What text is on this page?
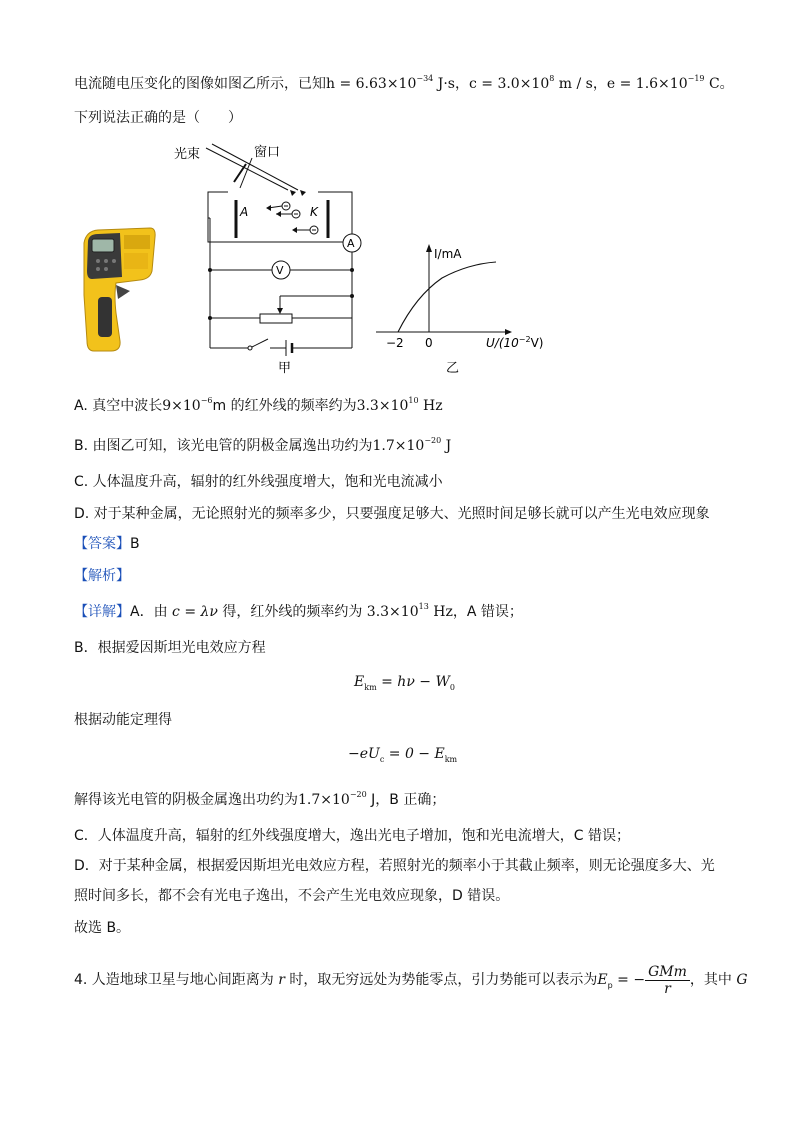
电流随电压变化的图像如图乙所示，已知$h = 6.63\times 10^{-34}$ J·s，$c = 3.0\times 10^8$ m / s，$e = 1.6\times 10^{-19}$ C。
下列说法正确的是（　　）
光束	窗口
A	K
A
V
甲
I/mA
$U/(10^{-2}V)$
−2 0
乙
A. 真空中波长$9\times 10^{-6}m$ 的红外线的频率约为$3.3\times 10^{10}$ Hz
B. 由图乙可知，该光电管的阴极金属逸出功约为$1.7\times 10^{-20}$ J
C. 人体温度升高，辐射的红外线强度增大，饱和光电流减小
D. 对于某种金属，无论照射光的频率多少，只要强度足够大、光照时间足够长就可以产生光电效应现象
【答案】B
【解析】
【详解】A．由 c = λν 得，红外线的频率约为 $3.3\times 10^{13}$ Hz，A 错误；
B．根据爱因斯坦光电效应方程
$E_{km} = h\nu - W_0$
根据动能定理得
$-eU_c = 0 - E_{km}$
解得该光电管的阴极金属逸出功约为$1.7\times 10^{-20}$ J，B 正确；
C．人体温度升高，辐射的红外线强度增大，逸出光电子增加，饱和光电流增大，C 错误；
D．对于某种金属，根据爱因斯坦光电效应方程，若照射光的频率小于其截止频率，则无论强度多大、光
照时间多长，都不会有光电子逸出，不会产生光电效应现象，D 错误。
故选 B。
4. 人造地球卫星与地心间距离为 r 时，取无穷远处为势能零点，引力势能可以表示为$E_p$ = − $\frac{\text{GMm}}{r}$ ，其中 G
